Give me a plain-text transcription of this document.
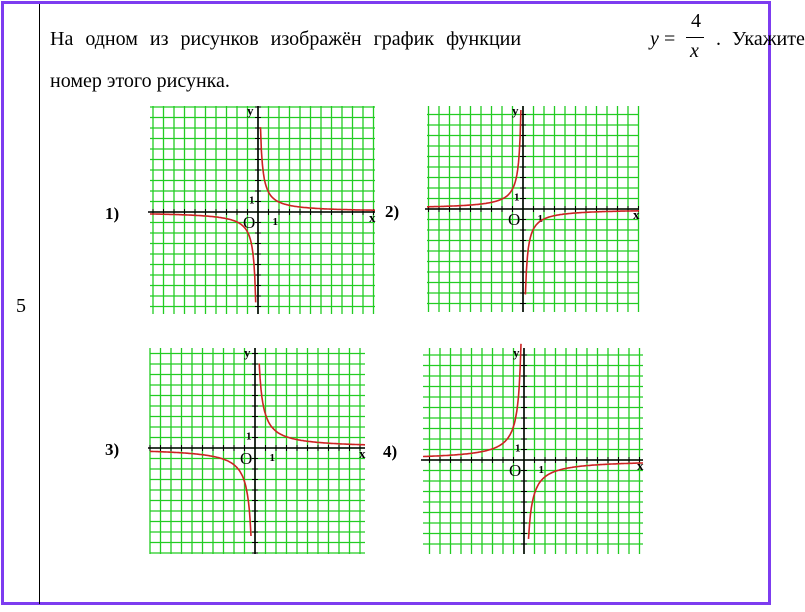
5
На одном из рисунков изображён график функции	y =
4
x
. Укажите
номер этого рисунка.
y
x
1
1
O
1)
y
x
1
1
O
2)
y
x
1
1
O
3)
y
x
1
1
O
4)
